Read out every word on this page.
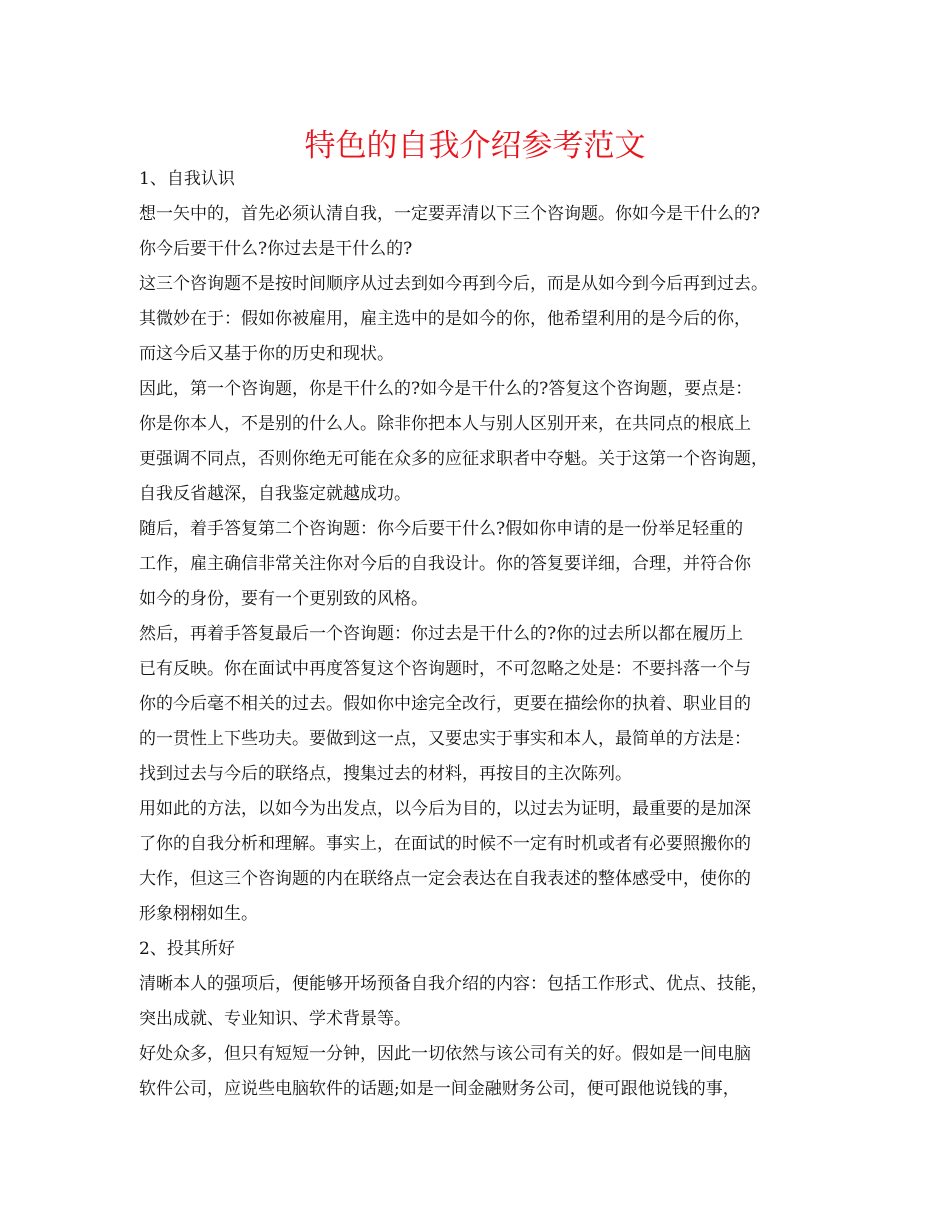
特色的自我介绍参考范文
1、自我认识
想一矢中的，首先必须认清自我，一定要弄清以下三个咨询题。你如今是干什么的?
你今后要干什么?你过去是干什么的?
这三个咨询题不是按时间顺序从过去到如今再到今后，而是从如今到今后再到过去。
其微妙在于：假如你被雇用，雇主选中的是如今的你，他希望利用的是今后的你，
而这今后又基于你的历史和现状。
因此，第一个咨询题，你是干什么的?如今是干什么的?答复这个咨询题，要点是：
你是你本人，不是别的什么人。除非你把本人与别人区别开来，在共同点的根底上
更强调不同点，否则你绝无可能在众多的应征求职者中夺魁。关于这第一个咨询题，
自我反省越深，自我鉴定就越成功。
随后，着手答复第二个咨询题：你今后要干什么?假如你申请的是一份举足轻重的
工作，雇主确信非常关注你对今后的自我设计。你的答复要详细，合理，并符合你
如今的身份，要有一个更别致的风格。
然后，再着手答复最后一个咨询题：你过去是干什么的?你的过去所以都在履历上
已有反映。你在面试中再度答复这个咨询题时，不可忽略之处是：不要抖落一个与
你的今后毫不相关的过去。假如你中途完全改行，更要在描绘你的执着、职业目的
的一贯性上下些功夫。要做到这一点，又要忠实于事实和本人，最简单的方法是：
找到过去与今后的联络点，搜集过去的材料，再按目的主次陈列。
用如此的方法，以如今为出发点，以今后为目的，以过去为证明，最重要的是加深
了你的自我分析和理解。事实上，在面试的时候不一定有时机或者有必要照搬你的
大作，但这三个咨询题的内在联络点一定会表达在自我表述的整体感受中，使你的
形象栩栩如生。
2、投其所好
清晰本人的强项后，便能够开场预备自我介绍的内容：包括工作形式、优点、技能，
突出成就、专业知识、学术背景等。
好处众多，但只有短短一分钟，因此一切依然与该公司有关的好。假如是一间电脑
软件公司，应说些电脑软件的话题;如是一间金融财务公司，便可跟他说钱的事，
